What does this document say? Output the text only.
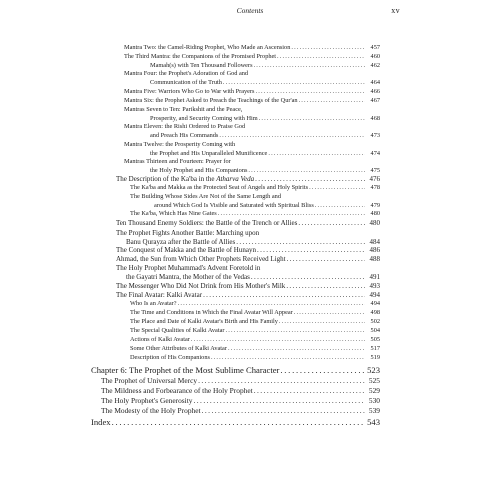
Contents	xv
Mantra Two: the Camel-Riding Prophet, Who Made an Ascension . . .	457
The Third Mantra: the Companions of the Promised Prophet . . .	460
Mamah(s) with Ten Thousand Followers . . .	462
Mantra Four: the Prophet's Adoration of God and
Communication of the Truth . . .	464
Mantra Five: Warriors Who Go to War with Prayers . . .	466
Mantra Six: the Prophet Asked to Preach the Teachings of the Qur'an . . .	467
Mantras Seven to Ten: Parikshit and the Peace,
Prosperity, and Security Coming with Him . . .	468
Mantra Eleven: the Rishi Ordered to Praise God
and Preach His Commands . . .	473
Mantra Twelve: the Prosperity Coming with
the Prophet and His Unparalleled Munificence . . .	474
Mantras Thirteen and Fourteen: Prayer for
the Holy Prophet and His Companions . . .	475
The Description of the Ka'ba in the Atharva Veda . . .	476
The Ka'ba and Makka as the Protected Seat of Angels and Holy Spirits . . .	478
The Building Whose Sides Are Not of the Same Length and
around Which God Is Visible and Saturated with Spiritual Bliss . . .	479
The Ka'ba, Which Has Nine Gates . . .	480
Ten Thousand Enemy Soldiers: the Battle of the Trench or Allies . . .	480
The Prophet Fights Another Battle: Marching upon
Banu Qurayza after the Battle of Allies . . .	484
The Conquest of Makka and the Battle of Hunayn . . .	486
Ahmad, the Sun from Which Other Prophets Received Light . . .	488
The Holy Prophet Muhammad's Advent Foretold in
the Gayatri Mantra, the Mother of the Vedas . . .	491
The Messenger Who Did Not Drink from His Mother's Milk . . .	493
The Final Avatar: Kalki Avatar . . .	494
Who Is an Avatar? . . .	494
The Time and Conditions in Which the Final Avatar Will Appear . . .	498
The Place and Date of Kalki Avatar's Birth and His Family . . .	502
The Special Qualities of Kalki Avatar . . .	504
Actions of Kalki Avatar . . .	505
Some Other Attributes of Kalki Avatar . . .	517
Description of His Companions . . .	519
Chapter 6: The Prophet of the Most Sublime Character . . .	523
The Prophet of Universal Mercy . . .	525
The Mildness and Forbearance of the Holy Prophet . . .	529
The Holy Prophet's Generosity . . .	530
The Modesty of the Holy Prophet . . .	539
Index . . .	543
